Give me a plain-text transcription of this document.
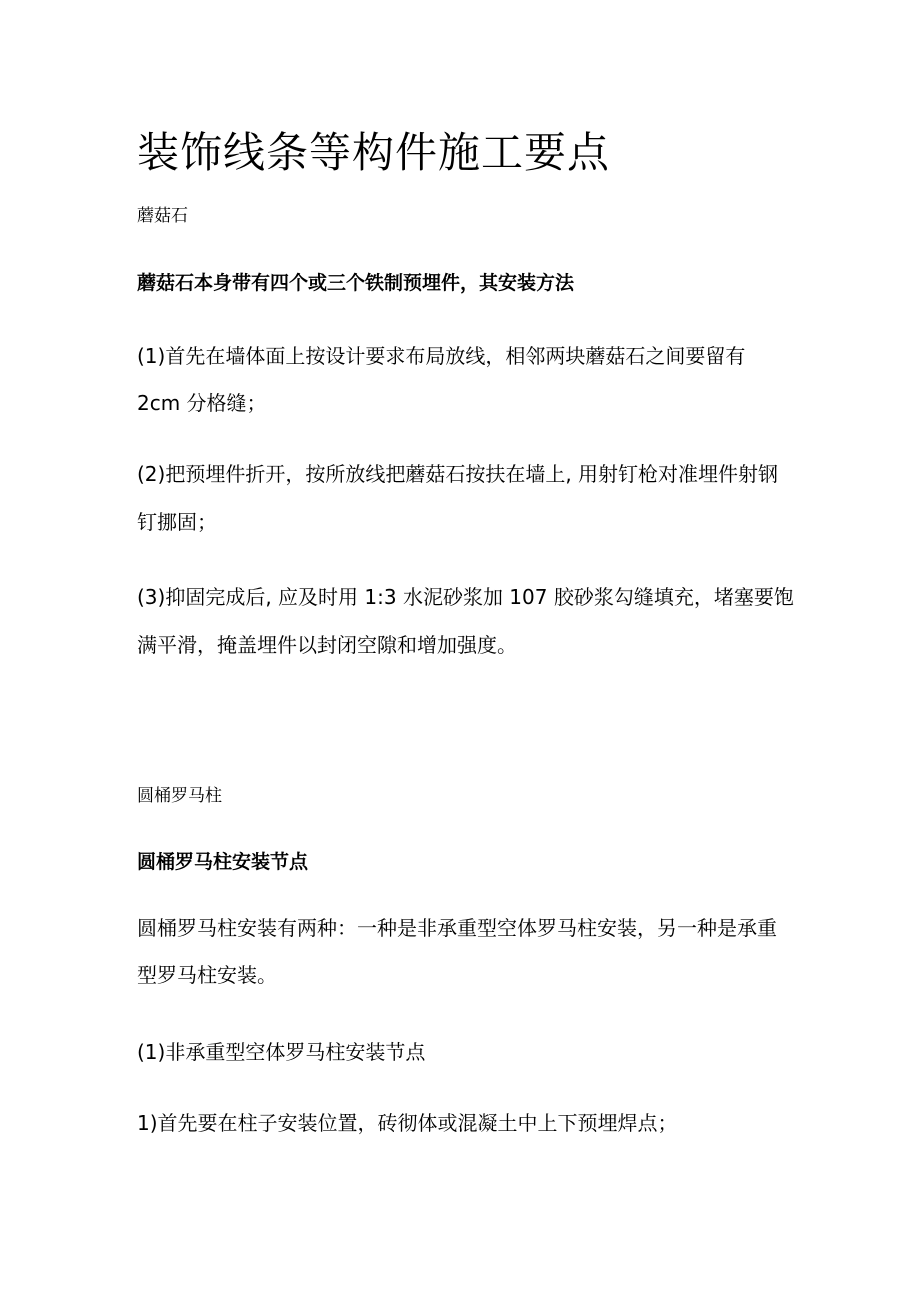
装饰线条等构件施工要点

蘑菇石

蘑菇石本身带有四个或三个铁制预埋件，其安装方法

(1)首先在墙体面上按设计要求布局放线，相邻两块蘑菇石之间要留有

2cm 分格缝；

(2)把预埋件折开，按所放线把蘑菇石按扶在墙上, 用射钉枪对准埋件射钢

钉挪固；

(3)抑固完成后, 应及时用 1:3 水泥砂浆加 107 胶砂浆勾缝填充，堵塞要饱

满平滑，掩盖埋件以封闭空隙和增加强度。

圆桶罗马柱

圆桶罗马柱安装节点

圆桶罗马柱安装有两种：一种是非承重型空体罗马柱安装，另一种是承重

型罗马柱安装。

(1)非承重型空体罗马柱安装节点

1)首先要在柱子安装位置，砖彻体或混凝土中上下预埋焊点；
